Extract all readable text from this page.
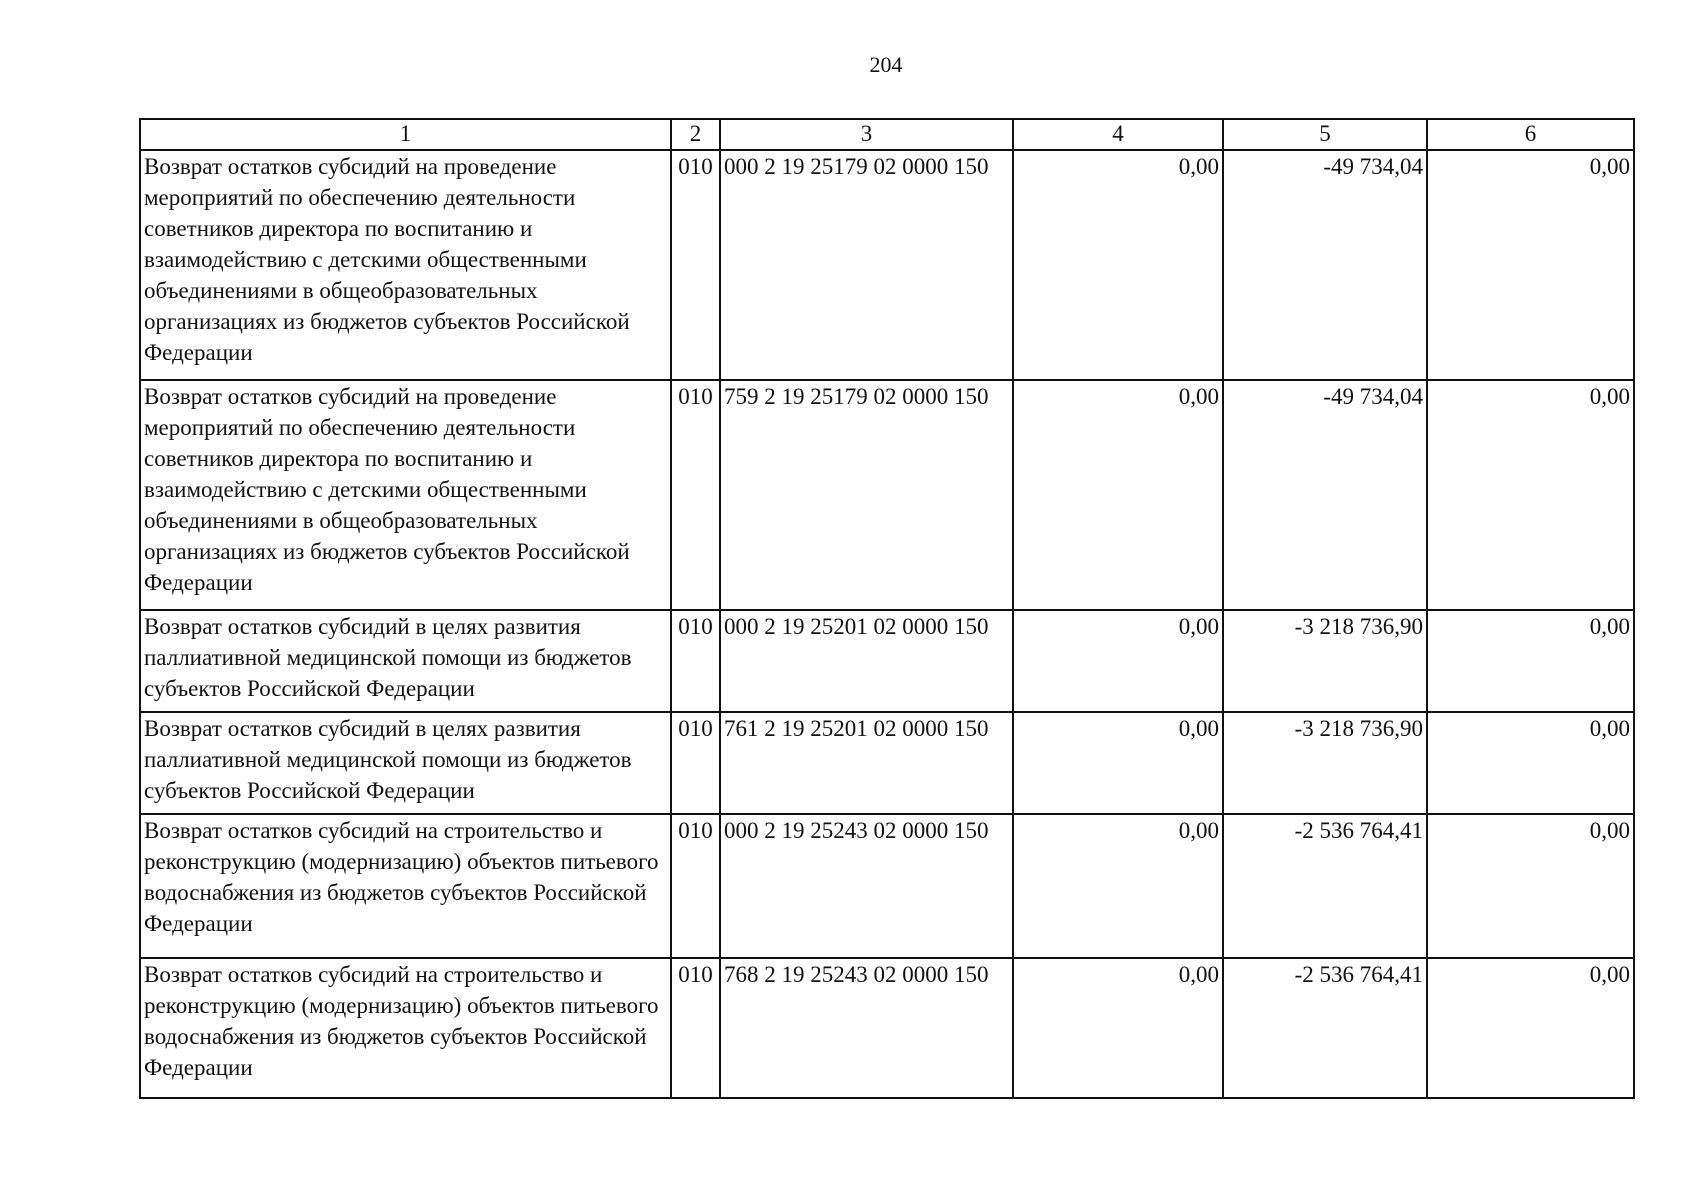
204
1	2	3	4	5	6
Возврат остатков субсидий на проведение мероприятий по обеспечению деятельности советников директора по воспитанию и взаимодействию с детскими общественными объединениями в общеобразовательных организациях из бюджетов субъектов Российской Федерации	010	000 2 19 25179 02 0000 150	0,00	-49 734,04	0,00
Возврат остатков субсидий на проведение мероприятий по обеспечению деятельности советников директора по воспитанию и взаимодействию с детскими общественными объединениями в общеобразовательных организациях из бюджетов субъектов Российской Федерации	010	759 2 19 25179 02 0000 150	0,00	-49 734,04	0,00
Возврат остатков субсидий в целях развития паллиативной медицинской помощи из бюджетов субъектов Российской Федерации	010	000 2 19 25201 02 0000 150	0,00	-3 218 736,90	0,00
Возврат остатков субсидий в целях развития паллиативной медицинской помощи из бюджетов субъектов Российской Федерации	010	761 2 19 25201 02 0000 150	0,00	-3 218 736,90	0,00
Возврат остатков субсидий на строительство и реконструкцию (модернизацию) объектов питьевого водоснабжения из бюджетов субъектов Российской Федерации	010	000 2 19 25243 02 0000 150	0,00	-2 536 764,41	0,00
Возврат остатков субсидий на строительство и реконструкцию (модернизацию) объектов питьевого водоснабжения из бюджетов субъектов Российской Федерации	010	768 2 19 25243 02 0000 150	0,00	-2 536 764,41	0,00
